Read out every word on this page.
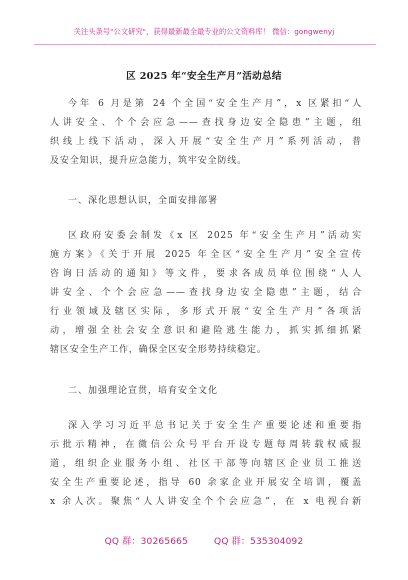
关注头条号"公文研究"，获得最新最全最专业的公文资料库！ 微信：gongwenyj
区 2025 年“安全生产月”活动总结
今年 6 月是第 24 个全国“安全生产月”，x 区紧扣“人
人讲安全、个个会应急——查找身边安全隐患”主题，组
织线上线下活动，深入开展“安全生产月”系列活动，普
及安全知识，提升应急能力，筑牢安全防线。
一、深化思想认识，全面安排部署
区政府安委会制发《x 区 2025 年“安全生产月”活动实
施方案》《关于开展 2025 年全区“安全生产月”安全宣传
咨询日活动的通知》等文件，要求各成员单位围绕“人人
讲安全、个个会应急——查找身边安全隐患”主题，结合
行业领域及辖区实际，多形式开展“安全生产月”各项活
动，增强全社会安全意识和避险逃生能力，抓实抓细抓紧
辖区安全生产工作，确保全区安全形势持续稳定。
二、加强理论宣贯，培育安全文化
深入学习习近平总书记关于安全生产重要论述和重要指
示批示精神，在微信公众号平台开设专题每周转载权威报
道，组织企业服务小组、社区干部等向辖区企业员工推送
安全生产重要论述，指导 60 余家企业开展安全培训，覆盖
x 余人次。聚焦“人人讲安全个个会应急”，在 x 电视台新
QQ 群：30265665	QQ 群：535304092
